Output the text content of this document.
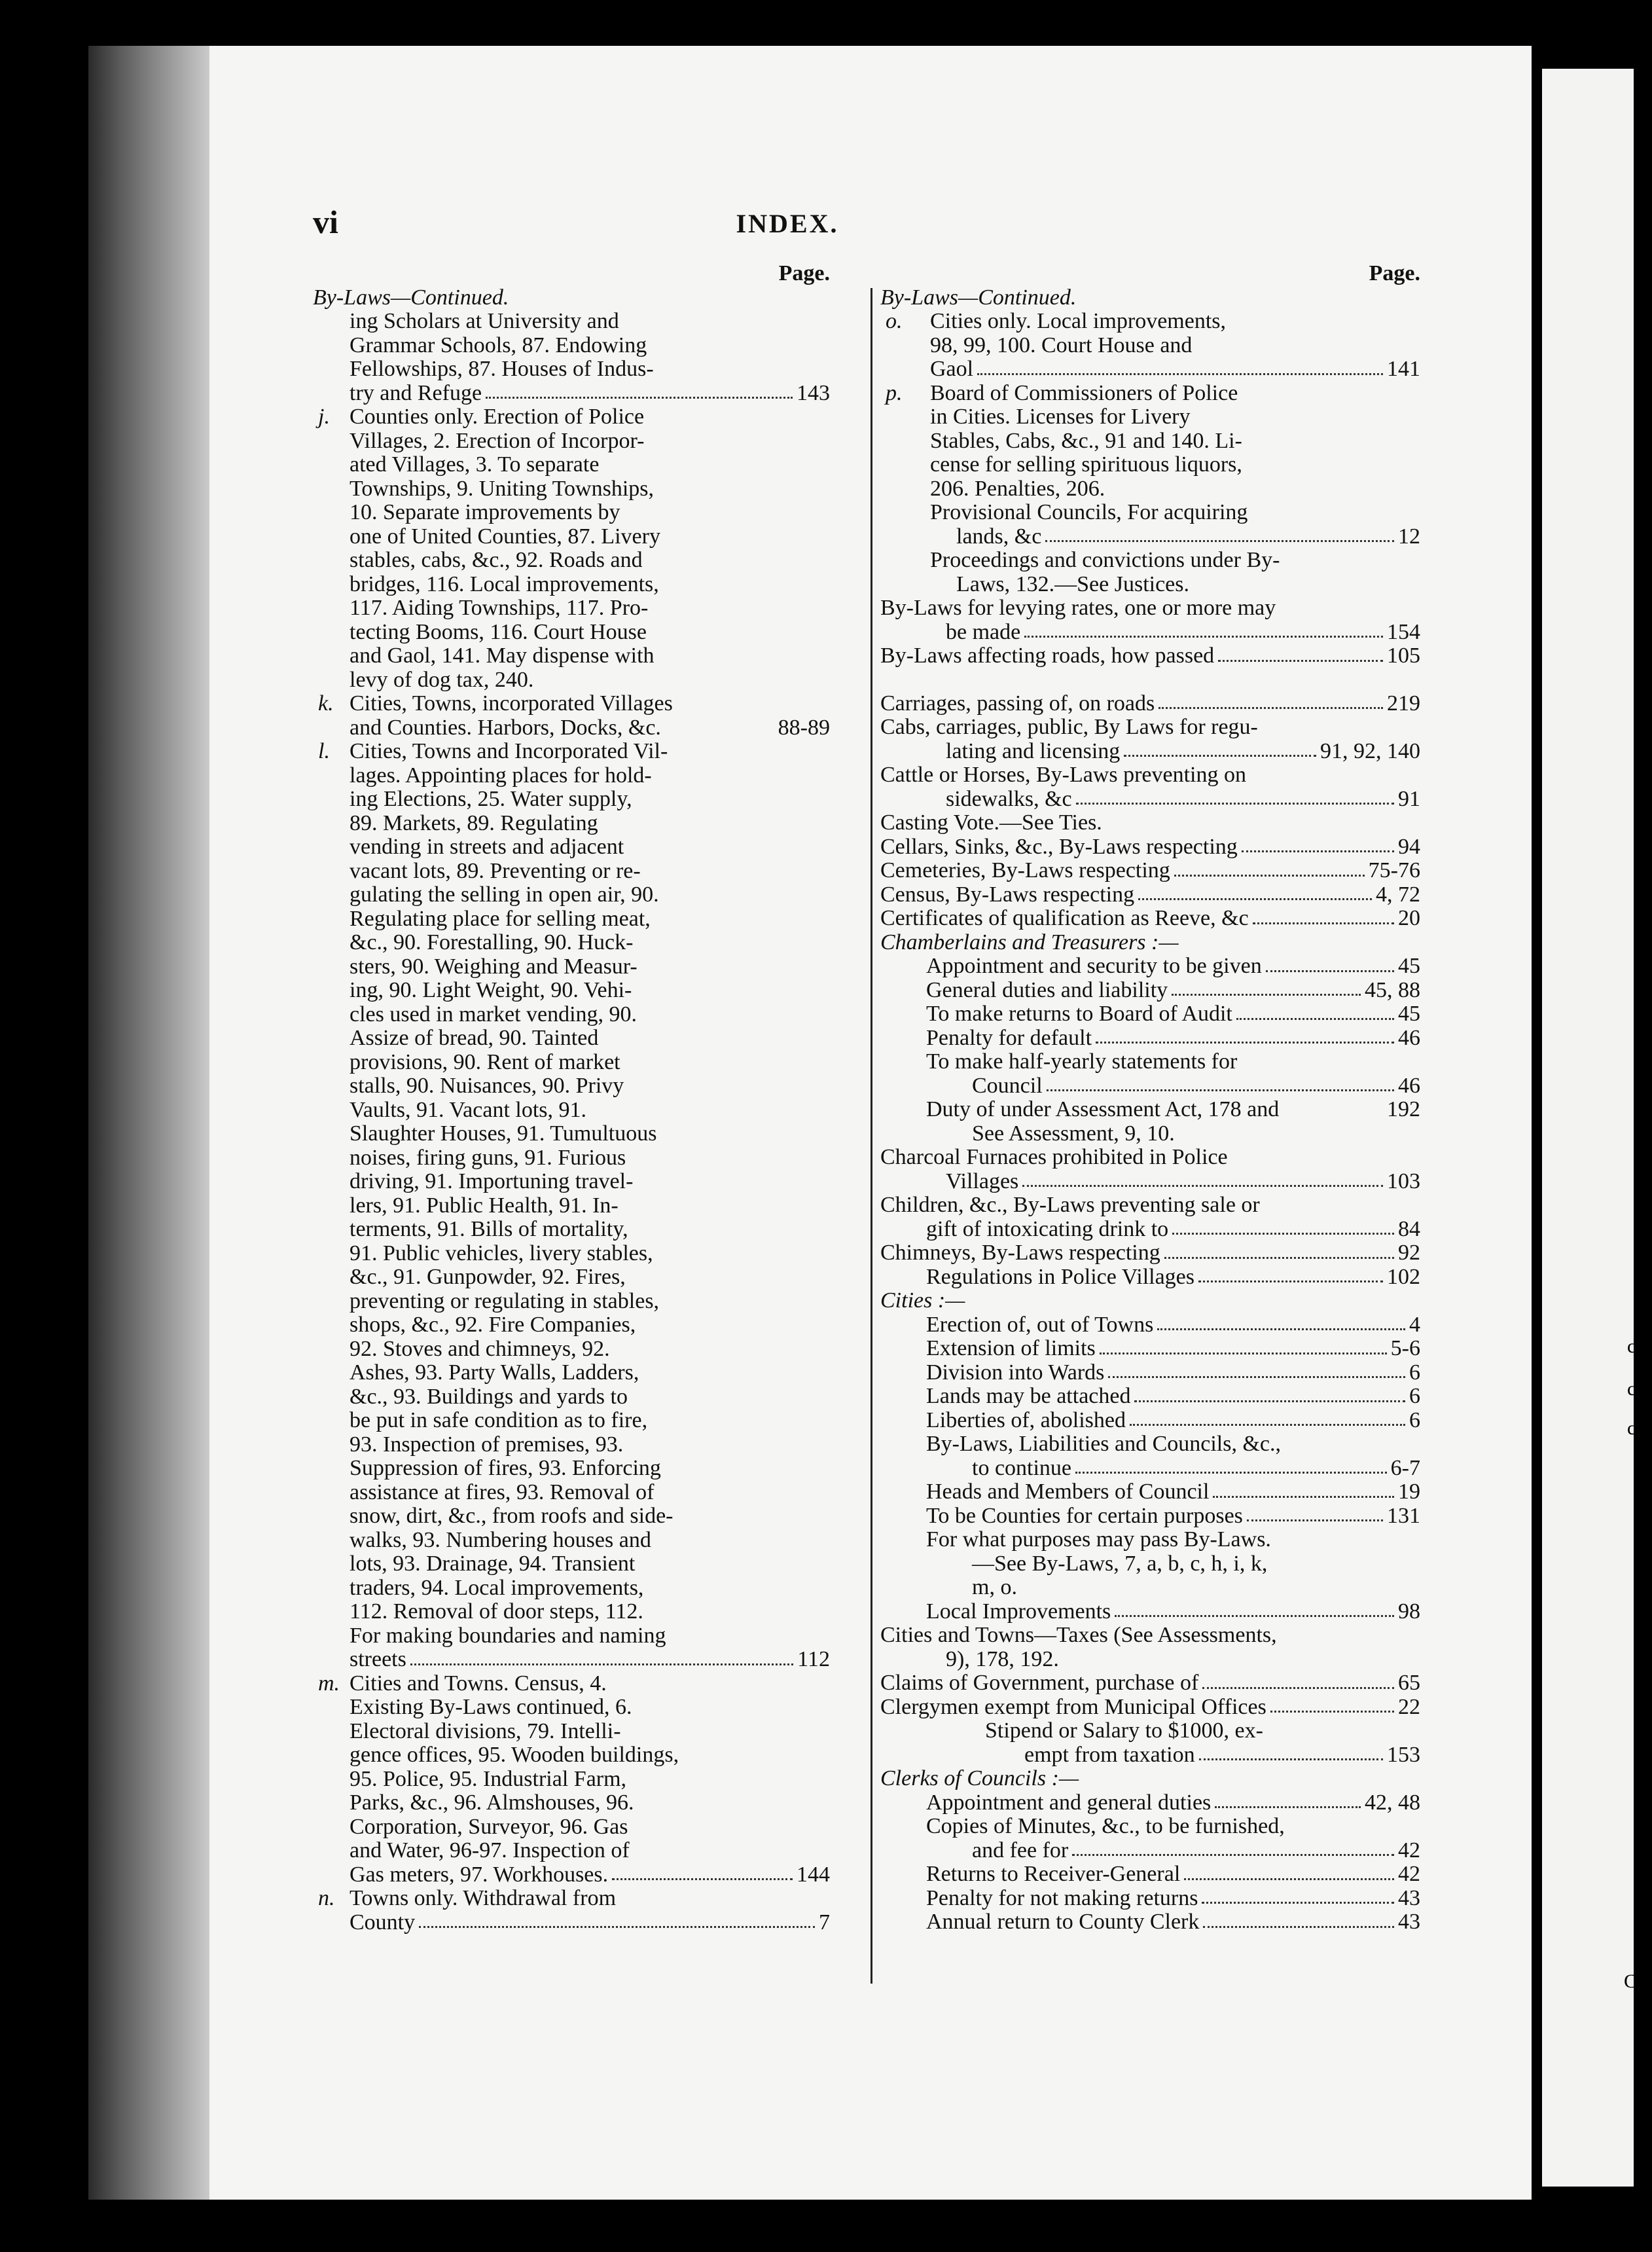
c
c
c
C
vi	INDEX.
Page.
By-Laws—Continued.
ing Scholars at University and
Grammar Schools, 87. Endowing
Fellowships, 87. Houses of Indus-
try and Refuge	143
j. Counties only. Erection of Police
Villages, 2. Erection of Incorpor-
ated Villages, 3. To separate
Townships, 9. Uniting Townships,
10. Separate improvements by
one of United Counties, 87. Livery
stables, cabs, &c., 92. Roads and
bridges, 116. Local improvements,
117. Aiding Townships, 117. Pro-
tecting Booms, 116. Court House
and Gaol, 141. May dispense with
levy of dog tax, 240.
k. Cities, Towns, incorporated Villages
and Counties. Harbors, Docks, &c.	88-89
l. Cities, Towns and Incorporated Vil-
lages. Appointing places for hold-
ing Elections, 25. Water supply,
89. Markets, 89. Regulating
vending in streets and adjacent
vacant lots, 89. Preventing or re-
gulating the selling in open air, 90.
Regulating place for selling meat,
&c., 90. Forestalling, 90. Huck-
sters, 90. Weighing and Measur-
ing, 90. Light Weight, 90. Vehi-
cles used in market vending, 90.
Assize of bread, 90. Tainted
provisions, 90. Rent of market
stalls, 90. Nuisances, 90. Privy
Vaults, 91. Vacant lots, 91.
Slaughter Houses, 91. Tumultuous
noises, firing guns, 91. Furious
driving, 91. Importuning travel-
lers, 91. Public Health, 91. In-
terments, 91. Bills of mortality,
91. Public vehicles, livery stables,
&c., 91. Gunpowder, 92. Fires,
preventing or regulating in stables,
shops, &c., 92. Fire Companies,
92. Stoves and chimneys, 92.
Ashes, 93. Party Walls, Ladders,
&c., 93. Buildings and yards to
be put in safe condition as to fire,
93. Inspection of premises, 93.
Suppression of fires, 93. Enforcing
assistance at fires, 93. Removal of
snow, dirt, &c., from roofs and side-
walks, 93. Numbering houses and
lots, 93. Drainage, 94. Transient
traders, 94. Local improvements,
112. Removal of door steps, 112.
For making boundaries and naming
streets	112
m. Cities and Towns. Census, 4.
Existing By-Laws continued, 6.
Electoral divisions, 79. Intelli-
gence offices, 95. Wooden buildings,
95. Police, 95. Industrial Farm,
Parks, &c., 96. Almshouses, 96.
Corporation, Surveyor, 96. Gas
and Water, 96-97. Inspection of
Gas meters, 97. Workhouses.	144
n. Towns only. Withdrawal from
County	7
Page.
By-Laws—Continued.
o. Cities only. Local improvements,
98, 99, 100. Court House and
Gaol	141
p. Board of Commissioners of Police
in Cities. Licenses for Livery
Stables, Cabs, &c., 91 and 140. Li-
cense for selling spirituous liquors,
206. Penalties, 206.
Provisional Councils, For acquiring
lands, &c	12
Proceedings and convictions under By-
Laws, 132.—See Justices.
By-Laws for levying rates, one or more may
be made	154
By-Laws affecting roads, how passed	105
Carriages, passing of, on roads	219
Cabs, carriages, public, By Laws for regu-
lating and licensing	91, 92, 140
Cattle or Horses, By-Laws preventing on
sidewalks, &c	91
Casting Vote.—See Ties.
Cellars, Sinks, &c., By-Laws respecting	94
Cemeteries, By-Laws respecting	75-76
Census, By-Laws respecting	4, 72
Certificates of qualification as Reeve, &c	20
Chamberlains and Treasurers :—
Appointment and security to be given	45
General duties and liability	45, 88
To make returns to Board of Audit	45
Penalty for default	46
To make half-yearly statements for
Council	46
Duty of under Assessment Act, 178 and	192
See Assessment, 9, 10.
Charcoal Furnaces prohibited in Police
Villages	103
Children, &c., By-Laws preventing sale or
gift of intoxicating drink to	84
Chimneys, By-Laws respecting	92
Regulations in Police Villages	102
Cities :—
Erection of, out of Towns	4
Extension of limits	5-6
Division into Wards	6
Lands may be attached	6
Liberties of, abolished	6
By-Laws, Liabilities and Councils, &c.,
to continue	6-7
Heads and Members of Council	19
To be Counties for certain purposes	131
For what purposes may pass By-Laws.
—See By-Laws, 7, a, b, c, h, i, k,
m, o.
Local Improvements	98
Cities and Towns—Taxes (See Assessments,
9), 178, 192.
Claims of Government, purchase of	65
Clergymen exempt from Municipal Offices	22
Stipend or Salary to $1000, ex-
empt from taxation	153
Clerks of Councils :—
Appointment and general duties	42, 48
Copies of Minutes, &c., to be furnished,
and fee for	42
Returns to Receiver-General	42
Penalty for not making returns	43
Annual return to County Clerk	43
